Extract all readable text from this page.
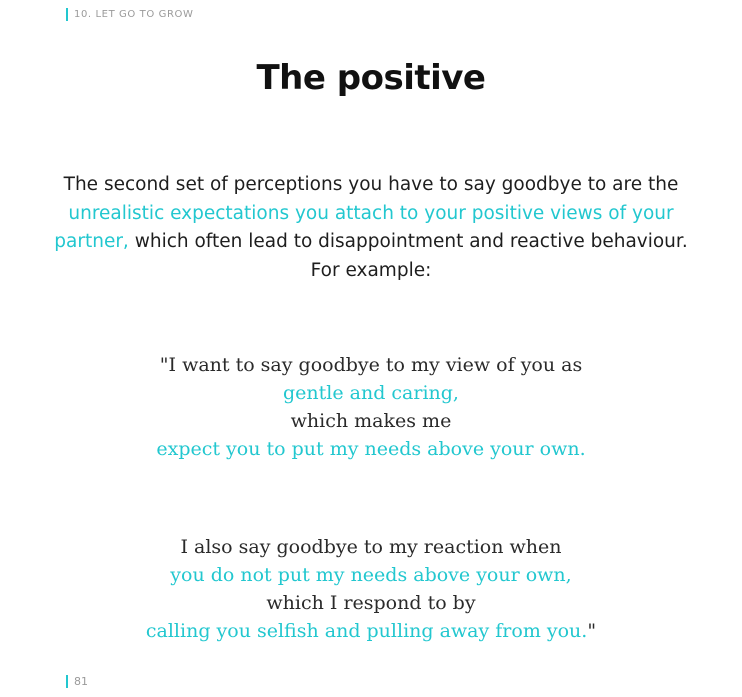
10. LET GO TO GROW
The positive

The second set of perceptions you have to say goodbye to are the unrealistic expectations you attach to your positive views of your partner, which often lead to disappointment and reactive behaviour. For example:

"I want to say goodbye to my view of you as
gentle and caring,
which makes me
expect you to put my needs above your own.

I also say goodbye to my reaction when
you do not put my needs above your own,
which I respond to by
calling you selfish and pulling away from you."

81
